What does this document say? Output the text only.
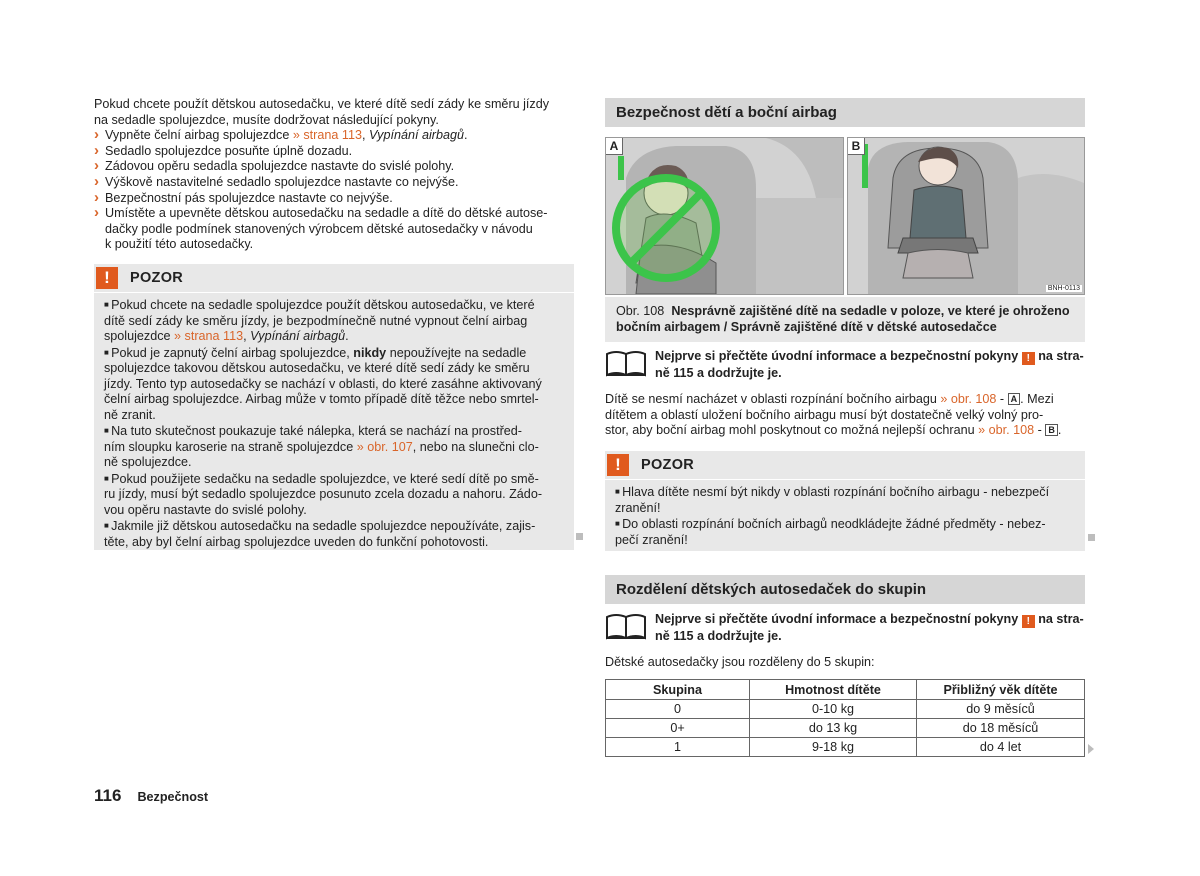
Pokud chcete použít dětskou autosedačku, ve které dítě sedí zády ke směru jízdy

na sedadle spolujezdce, musíte dodržovat následující pokyny.

› Vypněte čelní airbag spolujezdce » strana 113, Vypínání airbagů.
› Sedadlo spolujezdce posuňte úplně dozadu.
› Zádovou opěru sedadla spolujezdce nastavte do svislé polohy.
› Výškově nastavitelné sedadlo spolujezdce nastavte co nejvýše.
› Bezpečnostní pás spolujezdce nastavte co nejvýše.
› Umístěte a upevněte dětskou autosedačku na sedadle a dítě do dětské autose-
dačky podle podmínek stanovených výrobcem dětské autosedačky v návodu
k použití této autosedačky.
!	POZOR

■ Pokud chcete na sedadle spolujezdce použít dětskou autosedačku, ve které

dítě sedí zády ke směru jízdy, je bezpodmínečně nutné vypnout čelní airbag

spolujezdce » strana 113, Vypínání airbagů.

■ Pokud je zapnutý čelní airbag spolujezdce, nikdy nepoužívejte na sedadle

spolujezdce takovou dětskou autosedačku, ve které dítě sedí zády ke směru

jízdy. Tento typ autosedačky se nachází v oblasti, do které zasáhne aktivovaný

čelní airbag spolujezdce. Airbag může v tomto případě dítě těžce nebo smrtel-

ně zranit.

■ Na tuto skutečnost poukazuje také nálepka, která se nachází na prostřed-

ním sloupku karoserie na straně spolujezdce » obr. 107, nebo na slunečni clo-

ně spolujezdce.

■ Pokud použijete sedačku na sedadle spolujezdce, ve které sedí dítě po smě-

ru jízdy, musí být sedadlo spolujezdce posunuto zcela dozadu a nahoru. Zádo-

vou opěru nastavte do svislé polohy.

■ Jakmile již dětskou autosedačku na sedadle spolujezdce nepoužíváte, zajis-

těte, aby byl čelní airbag spolujezdce uveden do funkční pohotovosti.

Bezpečnost dětí a boční airbag
A	B
BNH-0113

Obr. 108 Nesprávně zajištěné dítě na sedadle v poloze, ve které je ohroženo

bočním airbagem / Správně zajištěné dítě v dětské autosedačce

Nejprve si přečtěte úvodní informace a bezpečnostní pokyny ! na stra-

ně 115 a dodržujte je.

Dítě se nesmí nacházet v oblasti rozpínání bočního airbagu » obr. 108 - A . Mezi

dítětem a oblastí uložení bočního airbagu musí být dostatečně velký volný pro-

stor, aby boční airbag mohl poskytnout co možná nejlepší ochranu » obr. 108 - B .

!	POZOR

■ Hlava dítěte nesmí být nikdy v oblasti rozpínání bočního airbagu - nebezpečí

zranění!

■ Do oblasti rozpínání bočních airbagů neodkládejte žádné předměty - nebez-

pečí zranění!

Rozdělení dětských autosedaček do skupin

Nejprve si přečtěte úvodní informace a bezpečnostní pokyny ! na stra-

ně 115 a dodržujte je.

Dětské autosedačky jsou rozděleny do 5 skupin:

Skupina	Hmotnost dítěte	Přibližný věk dítěte
0	0-10 kg	do 9 měsíců
0+	do 13 kg	do 18 měsíců
1	9-18 kg	do 4 let
116 Bezpečnost
